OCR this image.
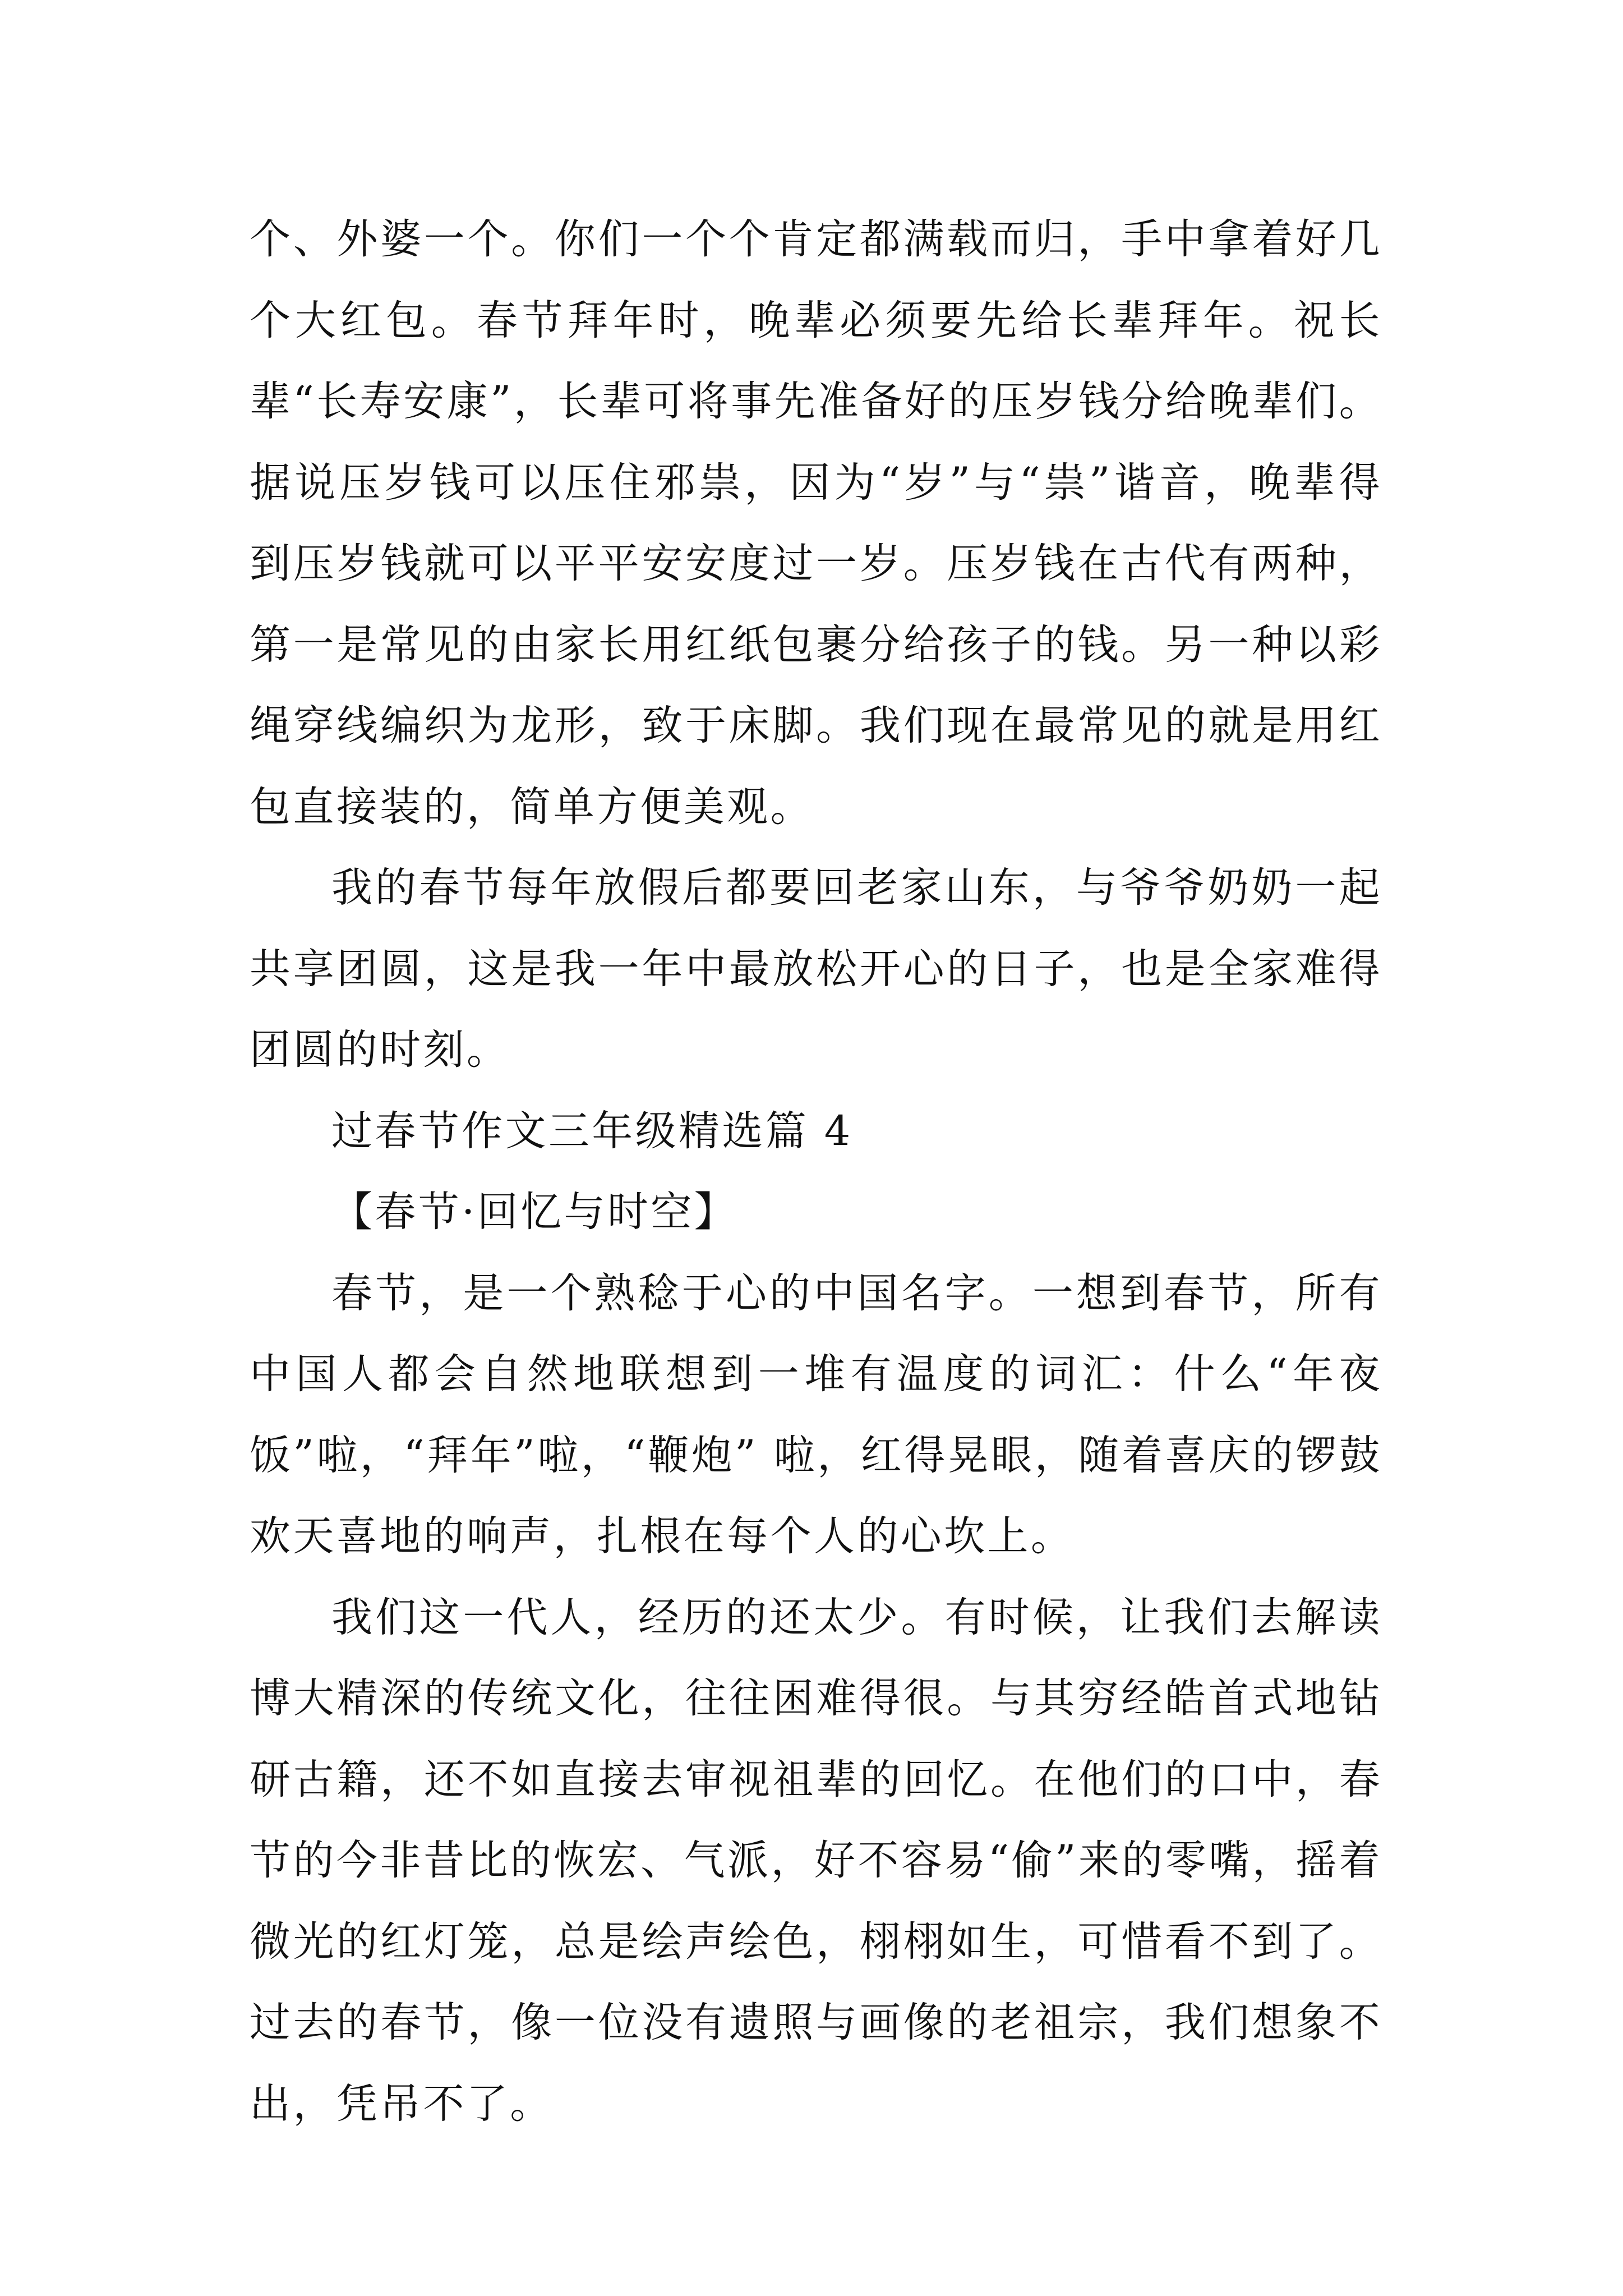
个、外婆一个。你们一个个肯定都满载而归，手中拿着好几个大红包。春节拜年时，晚辈必须要先给长辈拜年。祝长辈“长寿安康”，长辈可将事先准备好的压岁钱分给晚辈们。据说压岁钱可以压住邪祟，因为“岁”与“祟”谐音，晚辈得到压岁钱就可以平平安安度过一岁。压岁钱在古代有两种，第一是常见的由家长用红纸包裹分给孩子的钱。另一种以彩绳穿线编织为龙形，致于床脚。我们现在最常见的就是用红包直接装的，简单方便美观。

我的春节每年放假后都要回老家山东，与爷爷奶奶一起共享团圆，这是我一年中最放松开心的日子，也是全家难得团圆的时刻。

过春节作文三年级精选篇 4

【春节·回忆与时空】

春节，是一个熟稔于心的中国名字。一想到春节，所有中国人都会自然地联想到一堆有温度的词汇：什么“年夜饭”啦，“拜年”啦，“鞭炮” 啦，红得晃眼，随着喜庆的锣鼓欢天喜地的响声，扎根在每个人的心坎上。

我们这一代人，经历的还太少。有时候，让我们去解读博大精深的传统文化，往往困难得很。与其穷经皓首式地钻研古籍，还不如直接去审视祖辈的回忆。在他们的口中，春节的今非昔比的恢宏、气派，好不容易“偷”来的零嘴，摇着微光的红灯笼，总是绘声绘色，栩栩如生，可惜看不到了。过去的春节，像一位没有遗照与画像的老祖宗，我们想象不出，凭吊不了。
